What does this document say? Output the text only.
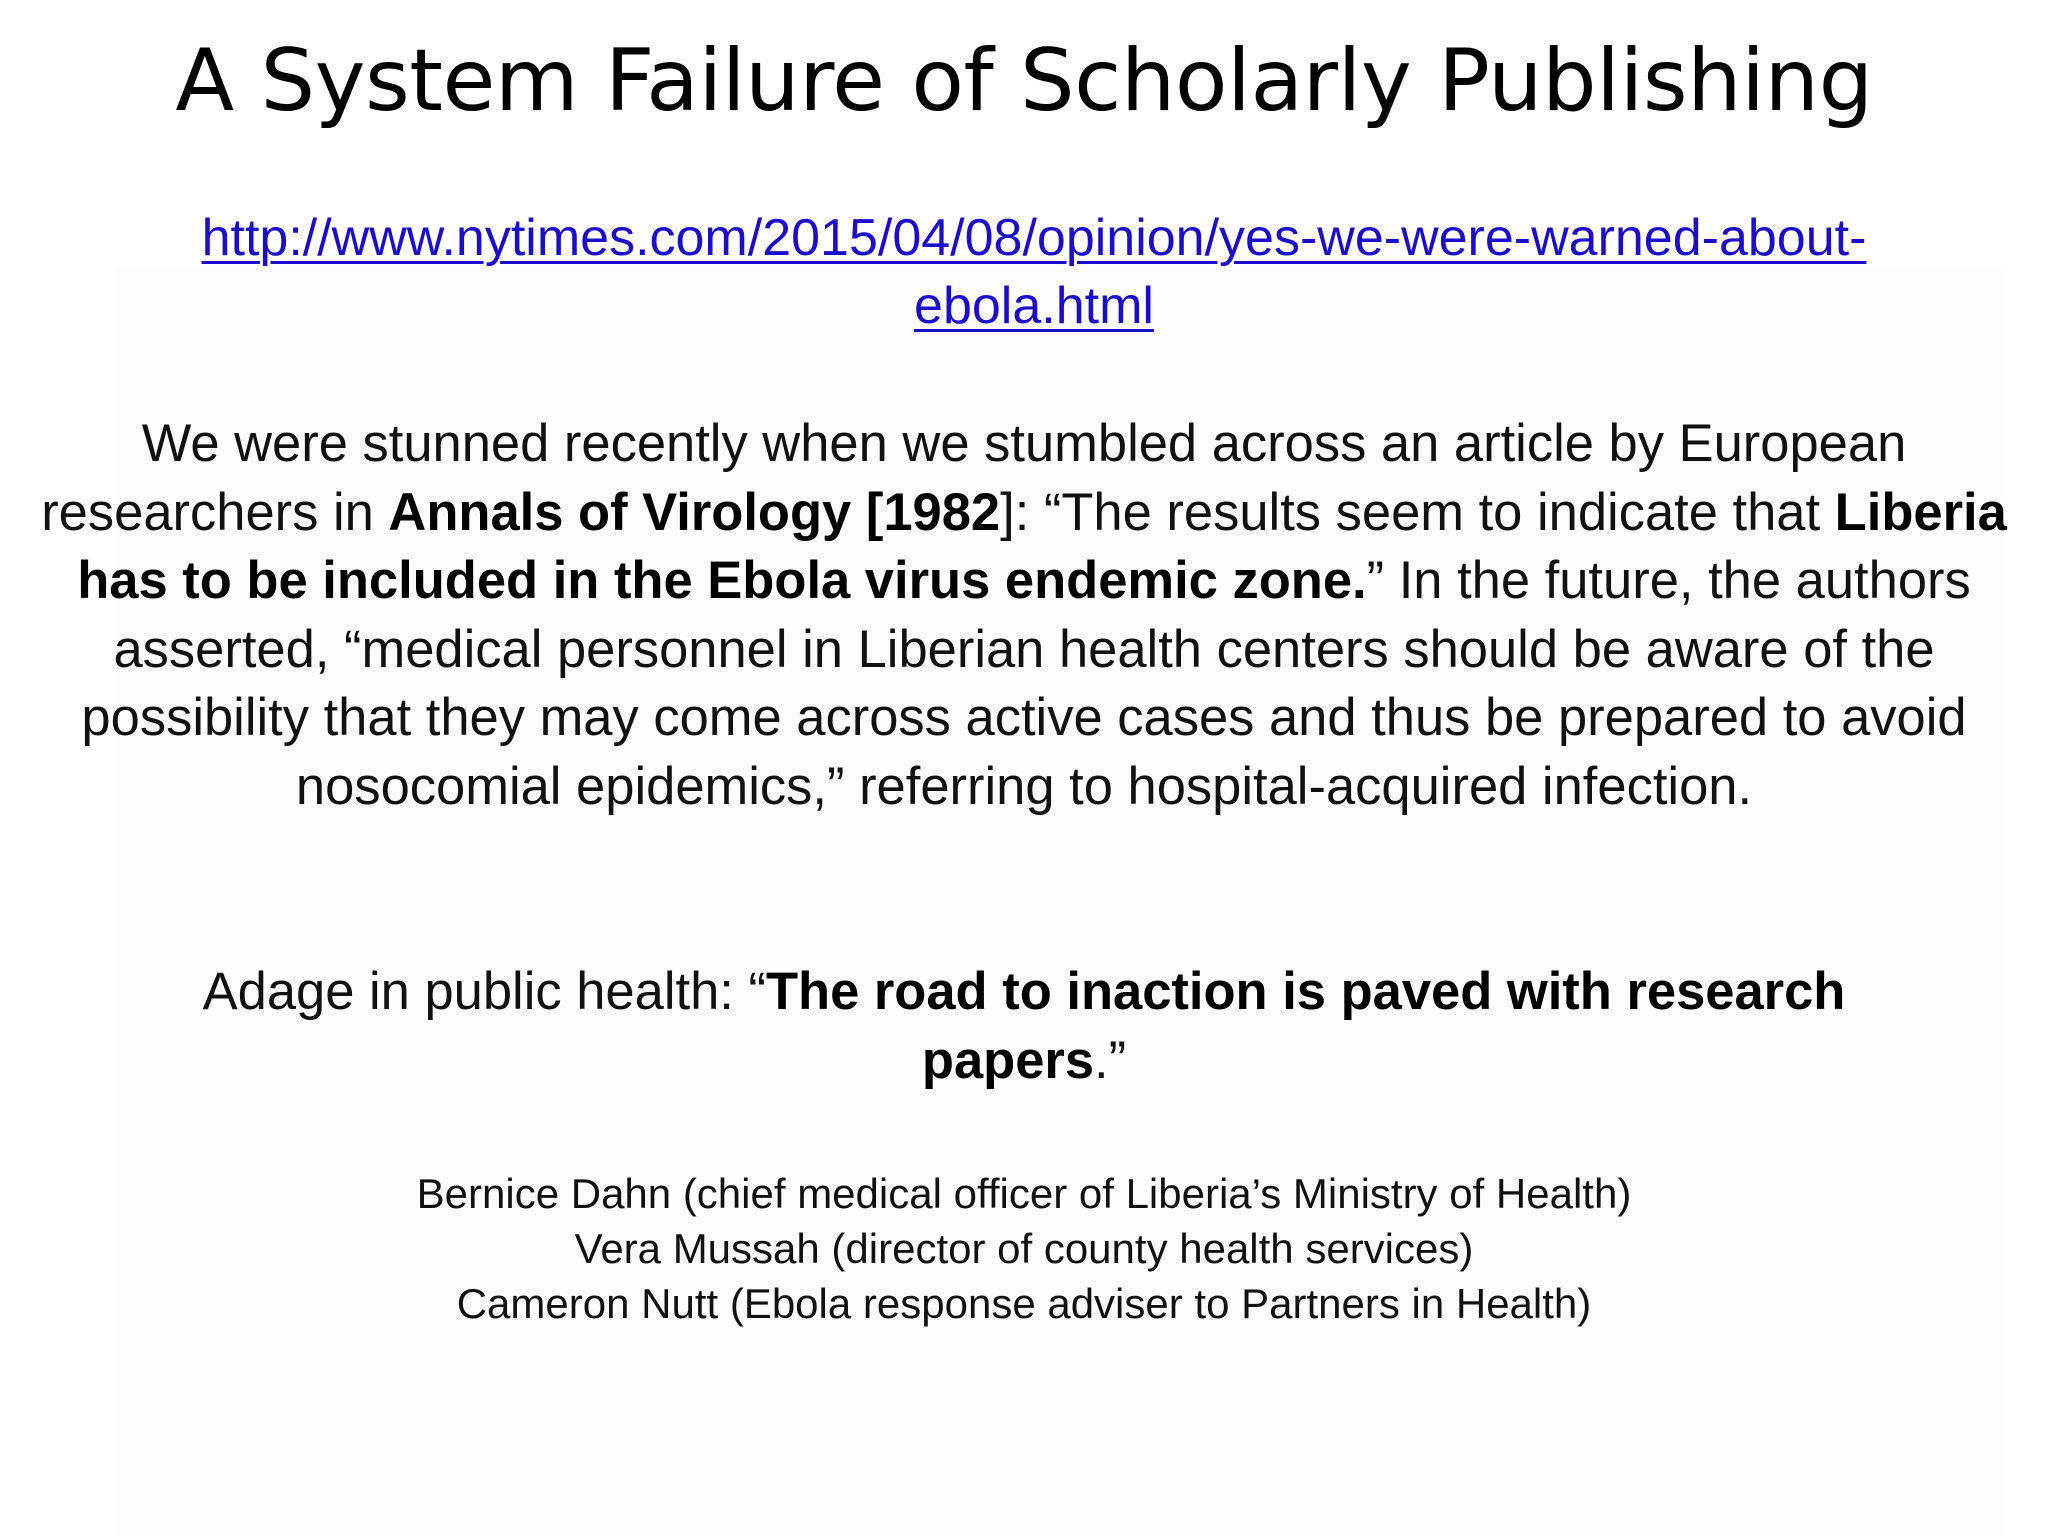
A System Failure of Scholarly Publishing
http://www.nytimes.com/2015/04/08/opinion/yes-we-were-warned-about-
ebola.html
We were stunned recently when we stumbled across an article by European researchers in Annals of Virology [1982]: “The results seem to indicate that Liberia has to be included in the Ebola virus endemic zone.” In the future, the authors asserted, “medical personnel in Liberian health centers should be aware of the possibility that they may come across active cases and thus be prepared to avoid nosocomial epidemics,” referring to hospital-acquired infection.
Adage in public health: “The road to inaction is paved with research papers.”
Bernice Dahn (chief medical officer of Liberia’s Ministry of Health)
Vera Mussah (director of county health services)
Cameron Nutt (Ebola response adviser to Partners in Health)
